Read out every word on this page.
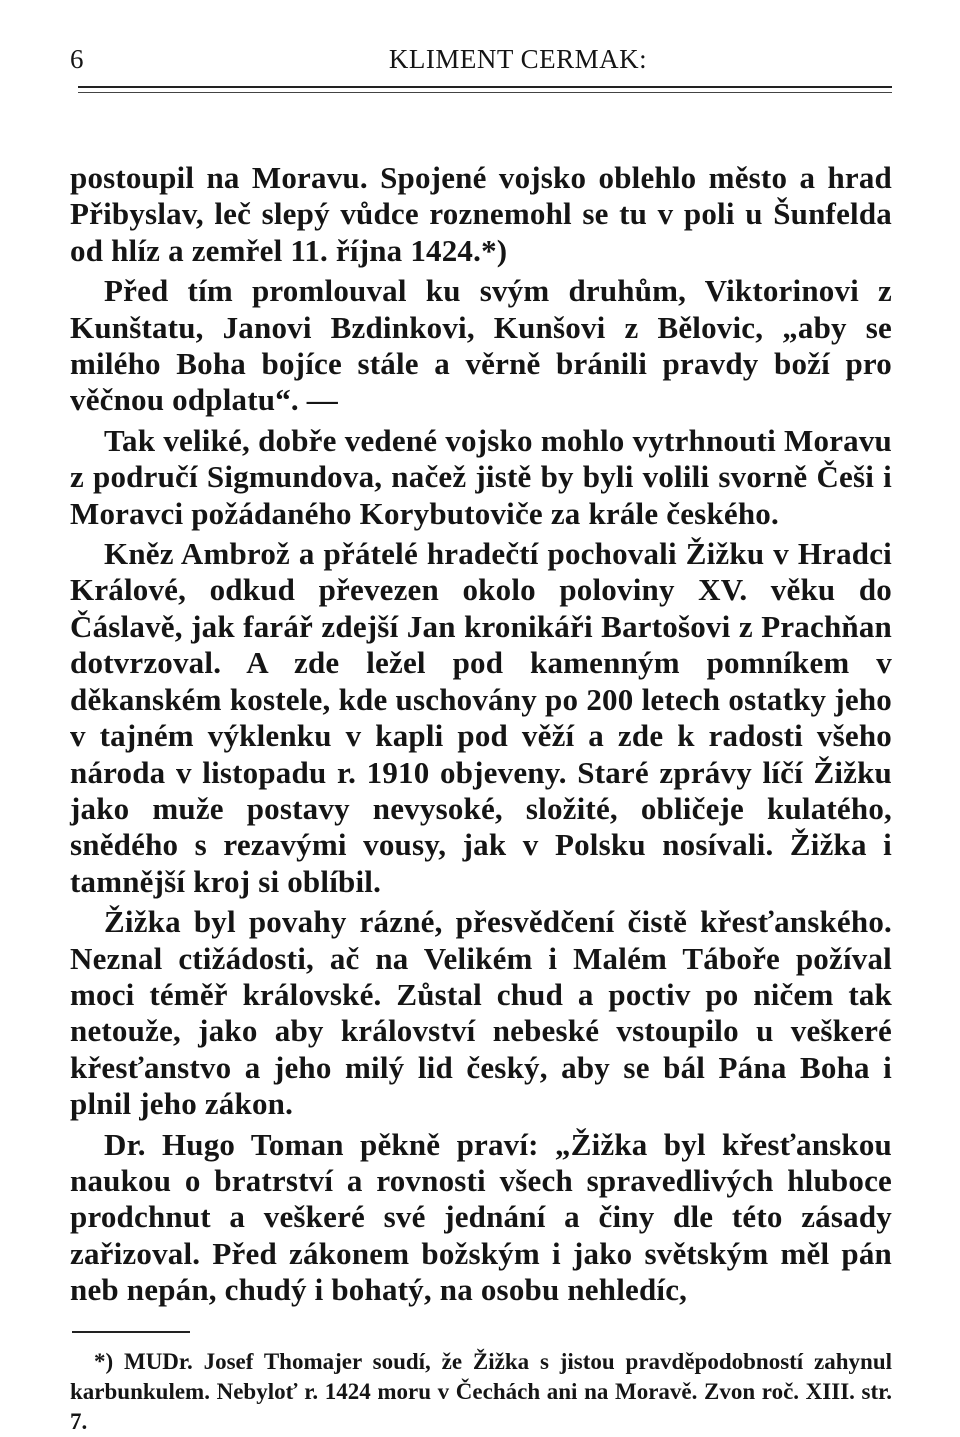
6	KLIMENT CERMAK:

postoupil na Moravu. Spojené vojsko oblehlo město a hrad Přibyslav, leč slepý vůdce roznemohl se tu v poli u Šunfelda od hlíz a zemřel 11. října 1424.*)

Před tím promlouval ku svým druhům, Viktorinovi z Kunštatu, Janovi Bzdinkovi, Kunšovi z Bělovic, „aby se milého Boha bojíce stále a věrně bránili pravdy boží pro věčnou odplatu“. —

Tak veliké, dobře vedené vojsko mohlo vytrhnouti Moravu z područí Sigmundova, načež jistě by byli volili svorně Češi i Moravci požádaného Korybutoviče za krále českého.

Kněz Ambrož a přátelé hradečtí pochovali Žižku v Hradci Králové, odkud převezen okolo poloviny XV. věku do Čáslavě, jak farář zdejší Jan kronikáři Bartošovi z Prachňan dotvrzoval. A zde ležel pod kamenným pomníkem v děkanském kostele, kde uschovány po 200 letech ostatky jeho v tajném výklenku v kapli pod věží a zde k radosti všeho národa v listopadu r. 1910 objeveny. Staré zprávy líčí Žižku jako muže postavy nevysoké, složité, obličeje kulatého, snědého s rezavými vousy, jak v Polsku nosívali. Žižka i tamnější kroj si oblíbil.

Žižka byl povahy rázné, přesvědčení čistě křesťanského. Neznal ctižádosti, ač na Velikém i Malém Táboře požíval moci téměř královské. Zůstal chud a poctiv po ničem tak netouže, jako aby království nebeské vstoupilo u veškeré křesťanstvo a jeho milý lid český, aby se bál Pána Boha i plnil jeho zákon.

Dr. Hugo Toman pěkně praví: „Žižka byl křesťanskou naukou o bratrství a rovnosti všech spravedlivých hluboce prodchnut a veškeré své jednání a činy dle této zásady zařizoval. Před zákonem božským i jako světským měl pán neb nepán, chudý i bohatý, na osobu nehledíc,

*) MUDr. Josef Thomajer soudí, že Žižka s jistou pravděpodobností zahynul karbunkulem. Nebyloť r. 1424 moru v Čechách ani na Moravě. Zvon roč. XIII. str. 7.
